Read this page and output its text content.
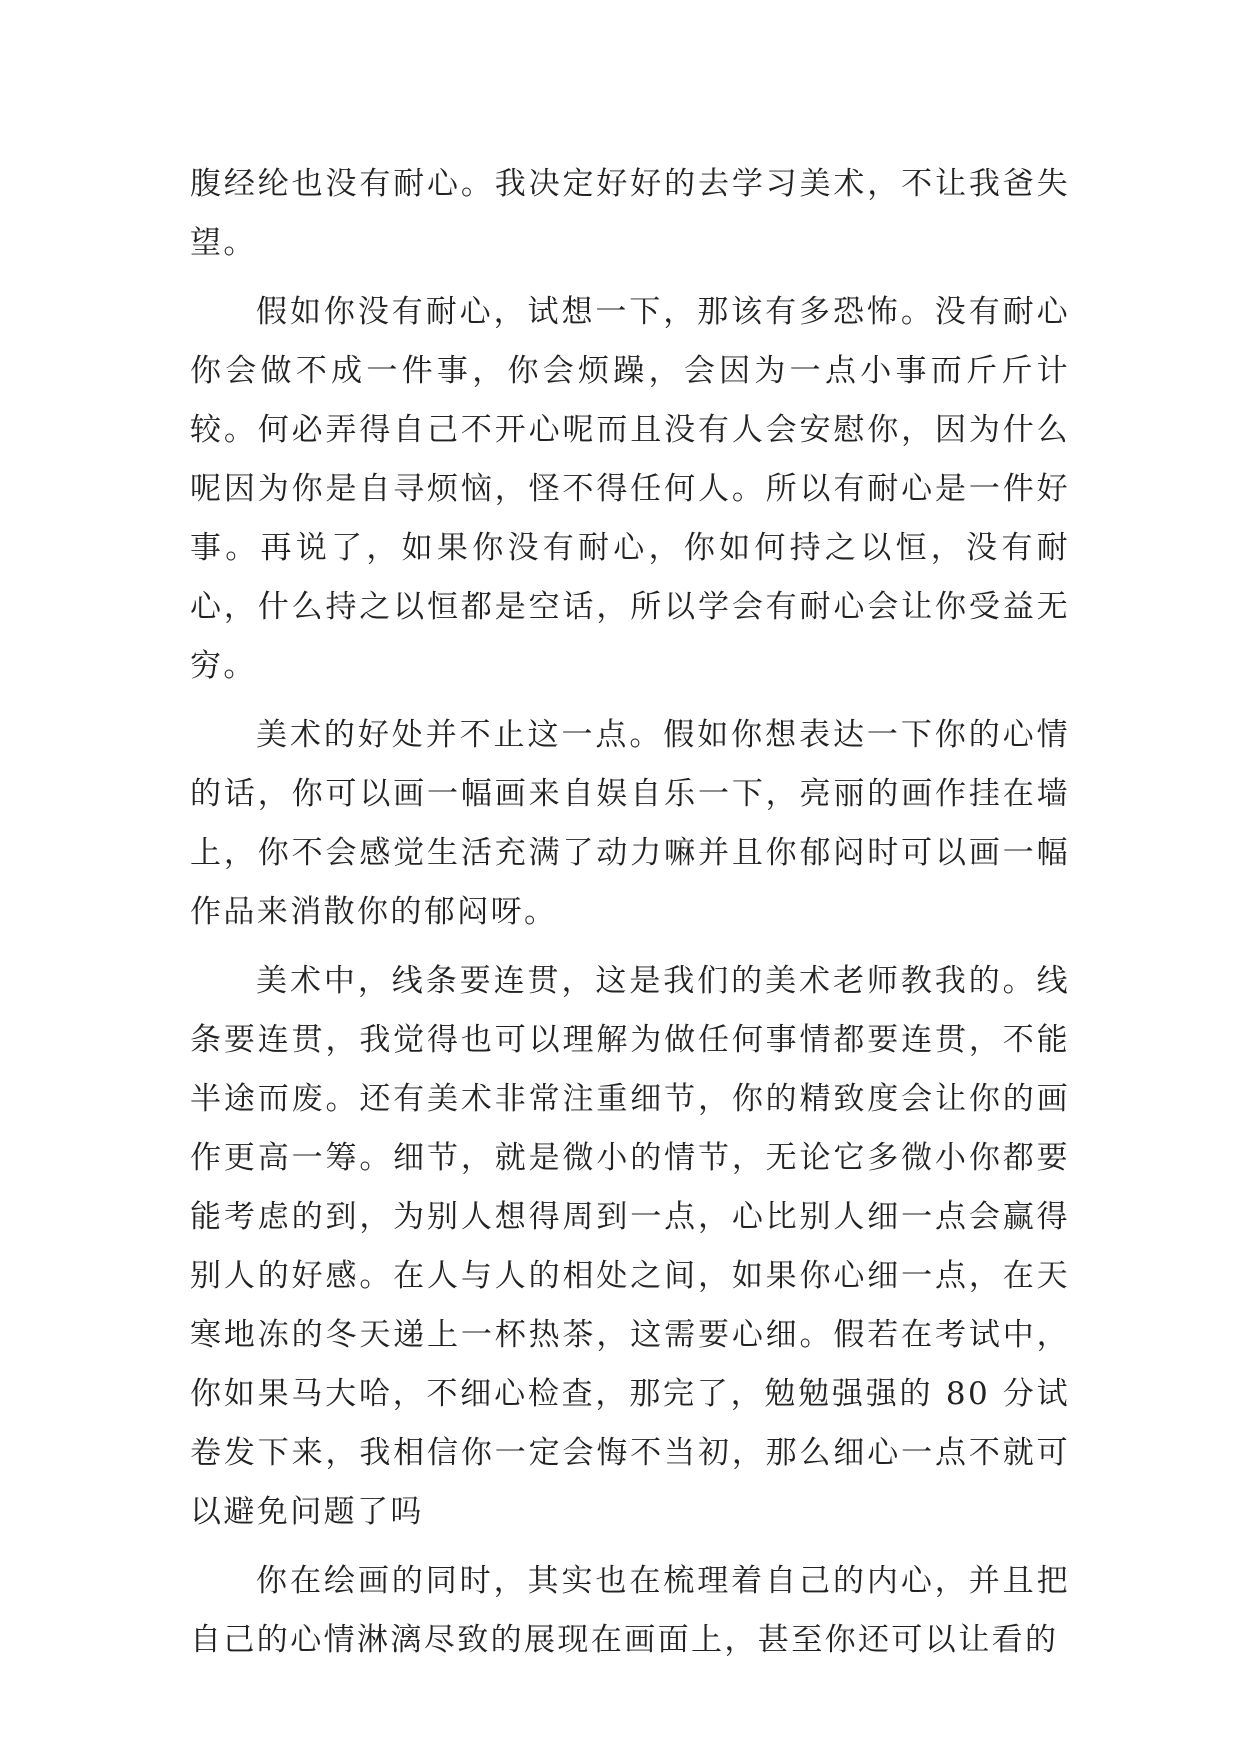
腹经纶也没有耐心。我决定好好的去学习美术，不让我爸失望。

假如你没有耐心，试想一下，那该有多恐怖。没有耐心你会做不成一件事，你会烦躁，会因为一点小事而斤斤计较。何必弄得自己不开心呢而且没有人会安慰你，因为什么呢因为你是自寻烦恼，怪不得任何人。所以有耐心是一件好事。再说了，如果你没有耐心，你如何持之以恒，没有耐心，什么持之以恒都是空话，所以学会有耐心会让你受益无穷。

美术的好处并不止这一点。假如你想表达一下你的心情的话，你可以画一幅画来自娱自乐一下，亮丽的画作挂在墙上，你不会感觉生活充满了动力嘛并且你郁闷时可以画一幅作品来消散你的郁闷呀。

美术中，线条要连贯，这是我们的美术老师教我的。线条要连贯，我觉得也可以理解为做任何事情都要连贯，不能半途而废。还有美术非常注重细节，你的精致度会让你的画作更高一筹。细节，就是微小的情节，无论它多微小你都要能考虑的到，为别人想得周到一点，心比别人细一点会赢得别人的好感。在人与人的相处之间，如果你心细一点，在天寒地冻的冬天递上一杯热茶，这需要心细。假若在考试中，你如果马大哈，不细心检查，那完了，勉勉强强的 80 分试卷发下来，我相信你一定会悔不当初，那么细心一点不就可以避免问题了吗

你在绘画的同时，其实也在梳理着自己的内心，并且把自己的心情淋漓尽致的展现在画面上，甚至你还可以让看的
